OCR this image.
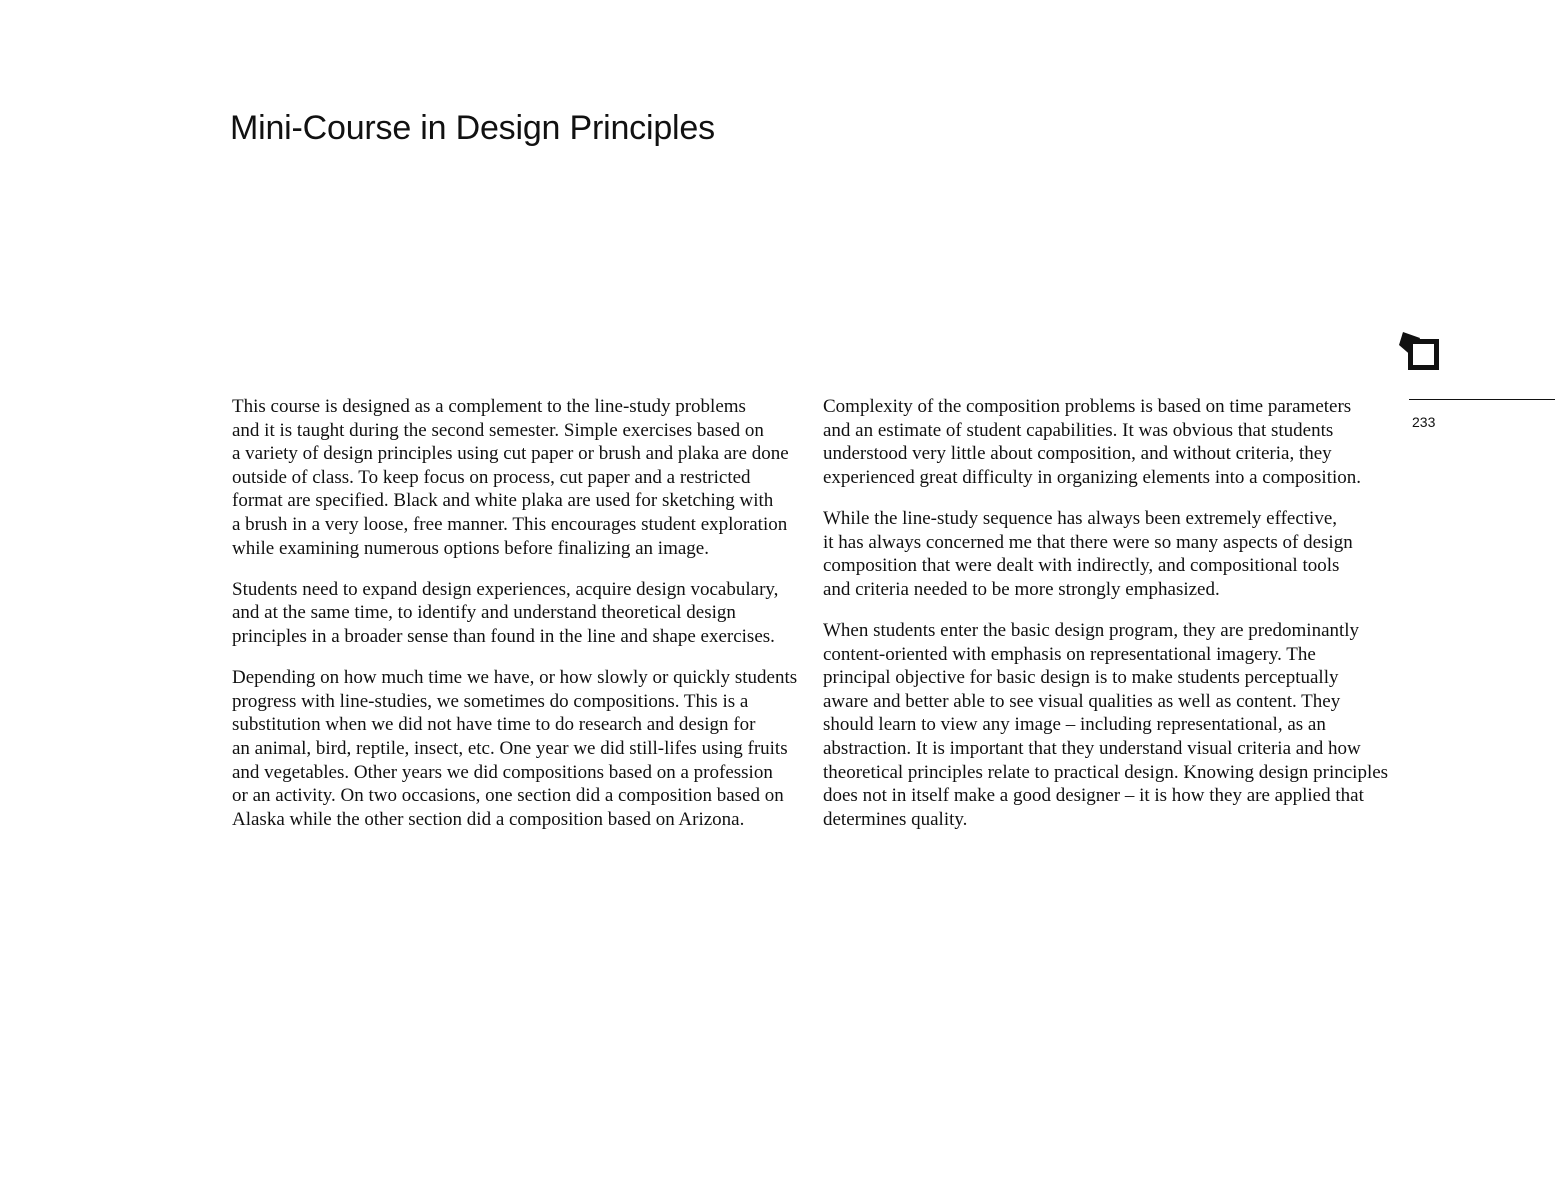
Mini-Course in Design Principles

This course is designed as a complement to the line-study problems
and it is taught during the second semester. Simple exercises based on
a variety of design principles using cut paper or brush and plaka are done
outside of class. To keep focus on process, cut paper and a restricted
format are specified. Black and white plaka are used for sketching with
a brush in a very loose, free manner. This encourages student exploration
while examining numerous options before finalizing an image.

Students need to expand design experiences, acquire design vocabulary,
and at the same time, to identify and understand theoretical design
principles in a broader sense than found in the line and shape exercises.

Depending on how much time we have, or how slowly or quickly students
progress with line-studies, we sometimes do compositions. This is a
substitution when we did not have time to do research and design for
an animal, bird, reptile, insect, etc. One year we did still-lifes using fruits
and vegetables. Other years we did compositions based on a profession
or an activity. On two occasions, one section did a composition based on
Alaska while the other section did a composition based on Arizona.

Complexity of the composition problems is based on time parameters
and an estimate of student capabilities. It was obvious that students
understood very little about composition, and without criteria, they
experienced great difficulty in organizing elements into a composition.

While the line-study sequence has always been extremely effective,
it has always concerned me that there were so many aspects of design
composition that were dealt with indirectly, and compositional tools
and criteria needed to be more strongly emphasized.

When students enter the basic design program, they are predominantly
content-oriented with emphasis on representational imagery. The
principal objective for basic design is to make students perceptually
aware and better able to see visual qualities as well as content. They
should learn to view any image – including representational, as an
abstraction. It is important that they understand visual criteria and how
theoretical principles relate to practical design. Knowing design principles
does not in itself make a good designer – it is how they are applied that
determines quality.

233
